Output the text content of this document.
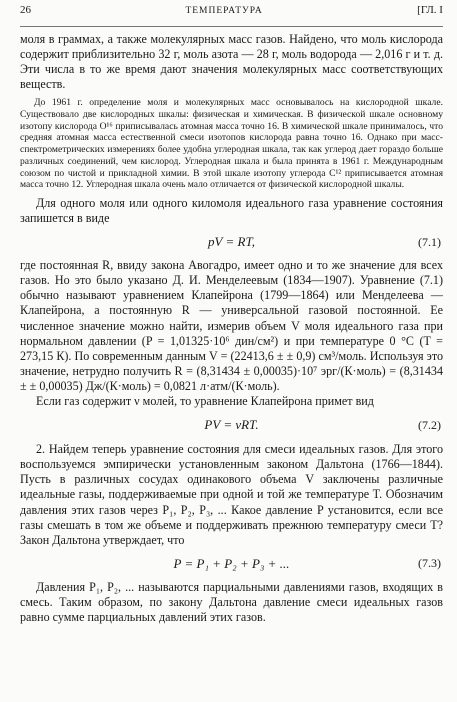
26	ТЕМПЕРАТУРА	[ГЛ. I

моля в граммах, а также молекулярных масс газов. Найдено, что моль кислорода содержит приблизительно 32 г, моль азота — 28 г, моль водорода — 2,016 г и т. д. Эти числа в то же время дают значения молекулярных масс соответствующих веществ.

До 1961 г. определение моля и молекулярных масс основывалось на кислородной шкале. Существовало две кислородных шкалы: физическая и химическая. В физической шкале основному изотопу кислорода O¹⁶ приписывалась атомная масса точно 16. В химической шкале принималось, что средняя атомная масса естественной смеси изотопов кислорода равна точно 16. Однако при масс-спектрометрических измерениях более удобна углеродная шкала, так как углерод дает гораздо больше различных соединений, чем кислород. Углеродная шкала и была принята в 1961 г. Международным союзом по чистой и прикладной химии. В этой шкале изотопу углерода C¹² приписывается атомная масса точно 12. Углеродная шкала очень мало отличается от физической кислородной шкалы.

Для одного моля или одного киломоля идеального газа уравнение состояния запишется в виде

pV = RT,	(7.1)

где постоянная R, ввиду закона Авогадро, имеет одно и то же значение для всех газов. Но это было указано Д. И. Менделеевым (1834—1907). Уравнение (7.1) обычно называют уравнением Клапейрона (1799—1864) или Менделеева — Клапейрона, а постоянную R — универсальной газовой постоянной. Ее численное значение можно найти, измерив объем V моля идеального газа при нормальном давлении (P = 1,01325·10⁶ дин/см²) и при температуре 0 °C (T = 273,15 К). По современным данным V = (22413,6 ± ± 0,9) см³/моль. Используя это значение, нетрудно получить R = (8,31434 ± 0,00035)·10⁷ эрг/(К·моль) = (8,31434 ± ± 0,00035) Дж/(К·моль) = 0,0821 л·атм/(К·моль).

Если газ содержит ν молей, то уравнение Клапейрона примет вид

PV = νRT.	(7.2)

2. Найдем теперь уравнение состояния для смеси идеальных газов. Для этого воспользуемся эмпирически установленным законом Дальтона (1766—1844). Пусть в различных сосудах одинакового объема V заключены различные идеальные газы, поддерживаемые при одной и той же температуре T. Обозначим давления этих газов через P₁, P₂, P₃, ... Какое давление P установится, если все газы смешать в том же объеме и поддерживать прежнюю температуру смеси T? Закон Дальтона утверждает, что

P = P₁ + P₂ + P₃ + ...	(7.3)

Давления P₁, P₂, ... называются парциальными давлениями газов, входящих в смесь. Таким образом, по закону Дальтона давление смеси идеальных газов равно сумме парциальных давлений этих газов.
